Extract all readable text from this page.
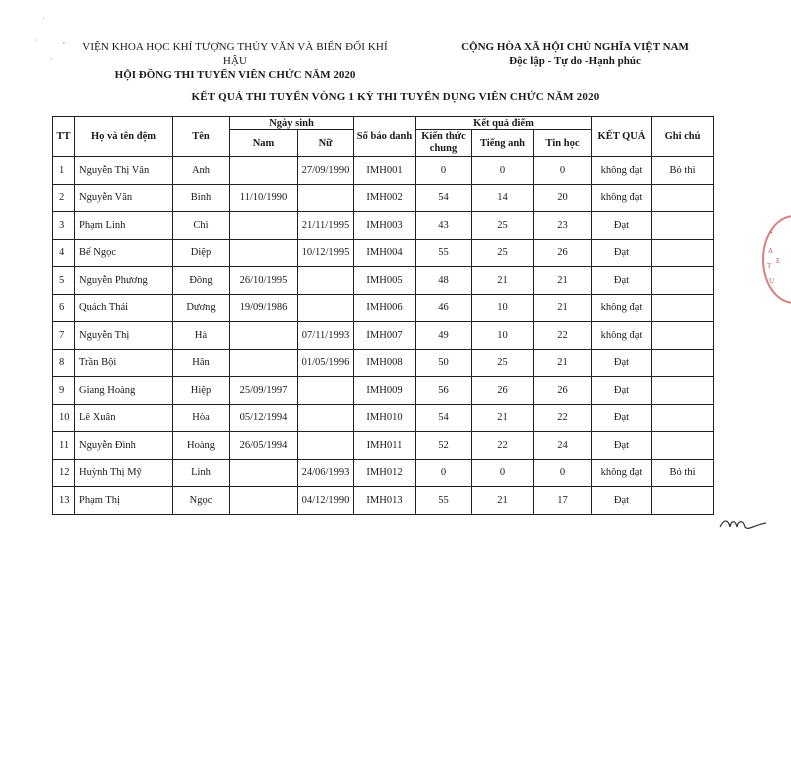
·
·	,
·
VIỆN KHOA HỌC KHÍ TƯỢNG THỦY VĂN VÀ BIẾN ĐỔI KHÍ HẬU
HỘI ĐỒNG THI TUYỂN VIÊN CHỨC NĂM 2020
CỘNG HÒA XÃ HỘI CHỦ NGHĨA VIỆT NAM
Độc lập - Tự do -Hạnh phúc
KẾT QUẢ THI TUYỂN VÒNG 1 KỲ THI TUYỂN DỤNG VIÊN CHỨC NĂM 2020
TT	Họ và tên đệm	Tên	Ngày sinh		Số báo danh	Kết quả điểm			KẾT QUẢ	Ghi chú
			Nam	Nữ		Kiến thức
chung	Tiếng anh	Tin học		
1	Nguyễn Thị Vân	Anh		27/09/1990	IMH001	0	0	0	không đạt	Bỏ thi
2	Nguyễn Văn	Bình	11/10/1990		IMH002	54	14	20	không đạt	
3	Phạm Linh	Chi		21/11/1995	IMH003	43	25	23	Đạt	
4	Bế Ngọc	Diệp		10/12/1995	IMH004	55	25	26	Đạt	
5	Nguyễn Phương	Đông	26/10/1995		IMH005	48	21	21	Đạt	
6	Quách Thái	Dương	19/09/1986		IMH006	46	10	21	không đạt	
7	Nguyễn Thị	Hà		07/11/1993	IMH007	49	10	22	không đạt	
8	Trần Bội	Hân		01/05/1996	IMH008	50	25	21	Đạt	
9	Giang Hoàng	Hiệp	25/09/1997		IMH009	56	26	26	Đạt	
10	Lê Xuân	Hòa	05/12/1994		IMH010	54	21	22	Đạt	
11	Nguyễn Đình	Hoàng	26/05/1994		IMH011	52	22	24	Đạt	
12	Huỳnh Thị Mỹ	Linh		24/06/1993	IMH012	0	0	0	không đạt	Bỏ thi
13	Phạm Thị	Ngọc		04/12/1990	IMH013	55	21	17	Đạt	
•
A
T
U
E
